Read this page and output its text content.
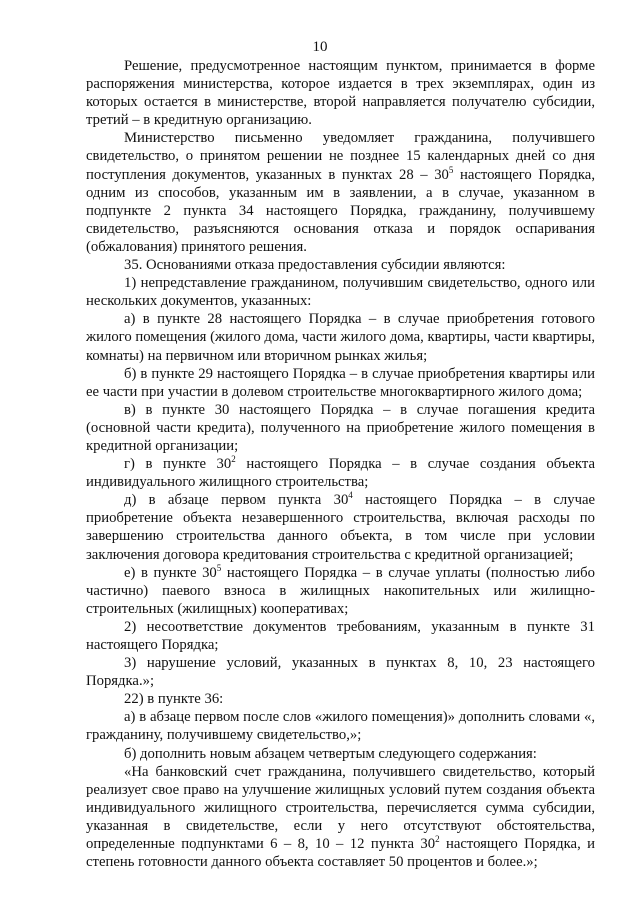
10

Решение, предусмотренное настоящим пунктом, принимается в форме распоряжения министерства, которое издается в трех экземплярах, один из которых остается в министерстве, второй направляется получателю субсидии, третий – в кредитную организацию.

Министерство письменно уведомляет гражданина, получившего свидетельство, о принятом решении не позднее 15 календарных дней со дня поступления документов, указанных в пунктах $28 - 30^5$ настоящего Порядка, одним из способов, указанным им в заявлении, а в случае, указанном в подпункте 2 пункта 34 настоящего Порядка, гражданину, получившему свидетельство, разъясняются основания отказа и порядок оспаривания (обжалования) принятого решения.

35. Основаниями отказа предоставления субсидии являются:

1) непредставление гражданином, получившим свидетельство, одного или нескольких документов, указанных:

а) в пункте 28 настоящего Порядка – в случае приобретения готового жилого помещения (жилого дома, части жилого дома, квартиры, части квартиры, комнаты) на первичном или вторичном рынках жилья;

б) в пункте 29 настоящего Порядка – в случае приобретения квартиры или ее части при участии в долевом строительстве многоквартирного жилого дома;

в) в пункте 30 настоящего Порядка – в случае погашения кредита (основной части кредита), полученного на приобретение жилого помещения в кредитной организации;

г) в пункте $30^2$ настоящего Порядка – в случае создания объекта индивидуального жилищного строительства;

д) в абзаце первом пункта $30^4$ настоящего Порядка – в случае приобретение объекта незавершенного строительства, включая расходы по завершению строительства данного объекта, в том числе при условии заключения договора кредитования строительства с кредитной организацией;

е) в пункте $30^5$ настоящего Порядка – в случае уплаты (полностью либо частично) паевого взноса в жилищных накопительных или жилищно-строительных (жилищных) кооперативах;

2) несоответствие документов требованиям, указанным в пункте 31 настоящего Порядка;

3) нарушение условий, указанных в пунктах 8, 10, 23 настоящего Порядка.»;

22) в пункте 36:

а) в абзаце первом после слов «жилого помещения)» дополнить словами «, гражданину, получившему свидетельство,»;

б) дополнить новым абзацем четвертым следующего содержания:

«На банковский счет гражданина, получившего свидетельство, который реализует свое право на улучшение жилищных условий путем создания объекта индивидуального жилищного строительства, перечисляется сумма субсидии, указанная в свидетельстве, если у него отсутствуют обстоятельства, определенные подпунктами 6 – 8, 10 – 12 пункта $30^2$ настоящего Порядка, и степень готовности данного объекта составляет 50 процентов и более.»;
